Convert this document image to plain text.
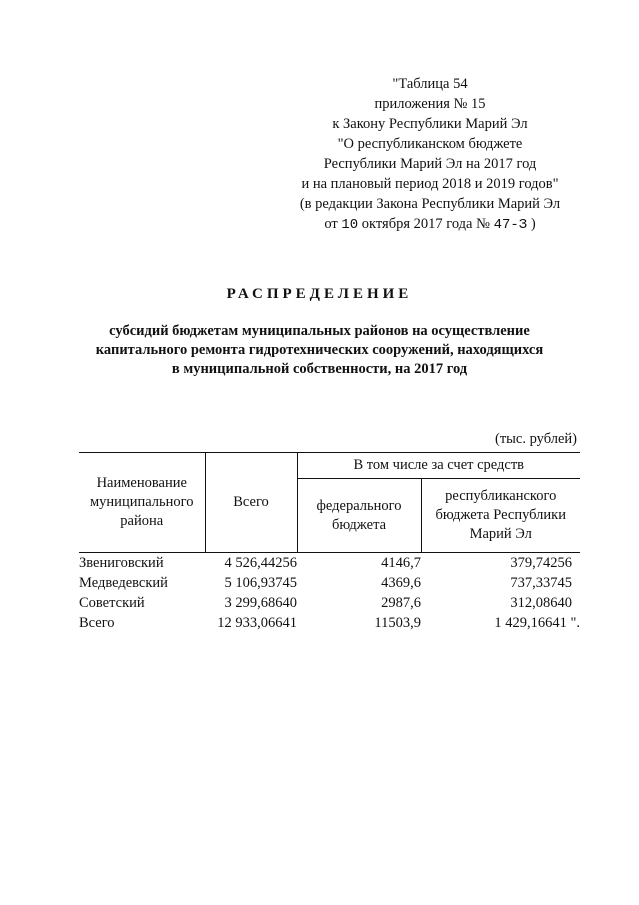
"Таблица 54
приложения № 15
к Закону Республики Марий Эл
"О республиканском бюджете
Республики Марий Эл на 2017 год
и на плановый период 2018 и 2019 годов"
(в редакции Закона Республики Марий Эл
от 10 октября 2017 года № 47-З )
РАСПРЕДЕЛЕНИЕ
субсидий бюджетам муниципальных районов на осуществление
капитального ремонта гидротехнических сооружений, находящихся
в муниципальной собственности, на 2017 год
(тыс. рублей)
Наименование муниципального района	Всего	В том числе за счет средств	
		федерального бюджета	республиканского бюджета Республики Марий Эл
Звениговский	4 526,44256	4146,7	379,74256
Медведевский	5 106,93745	4369,6	737,33745
Советский	3 299,68640	2987,6	312,08640
Всего	12 933,06641	11503,9	1 429,16641 ".
